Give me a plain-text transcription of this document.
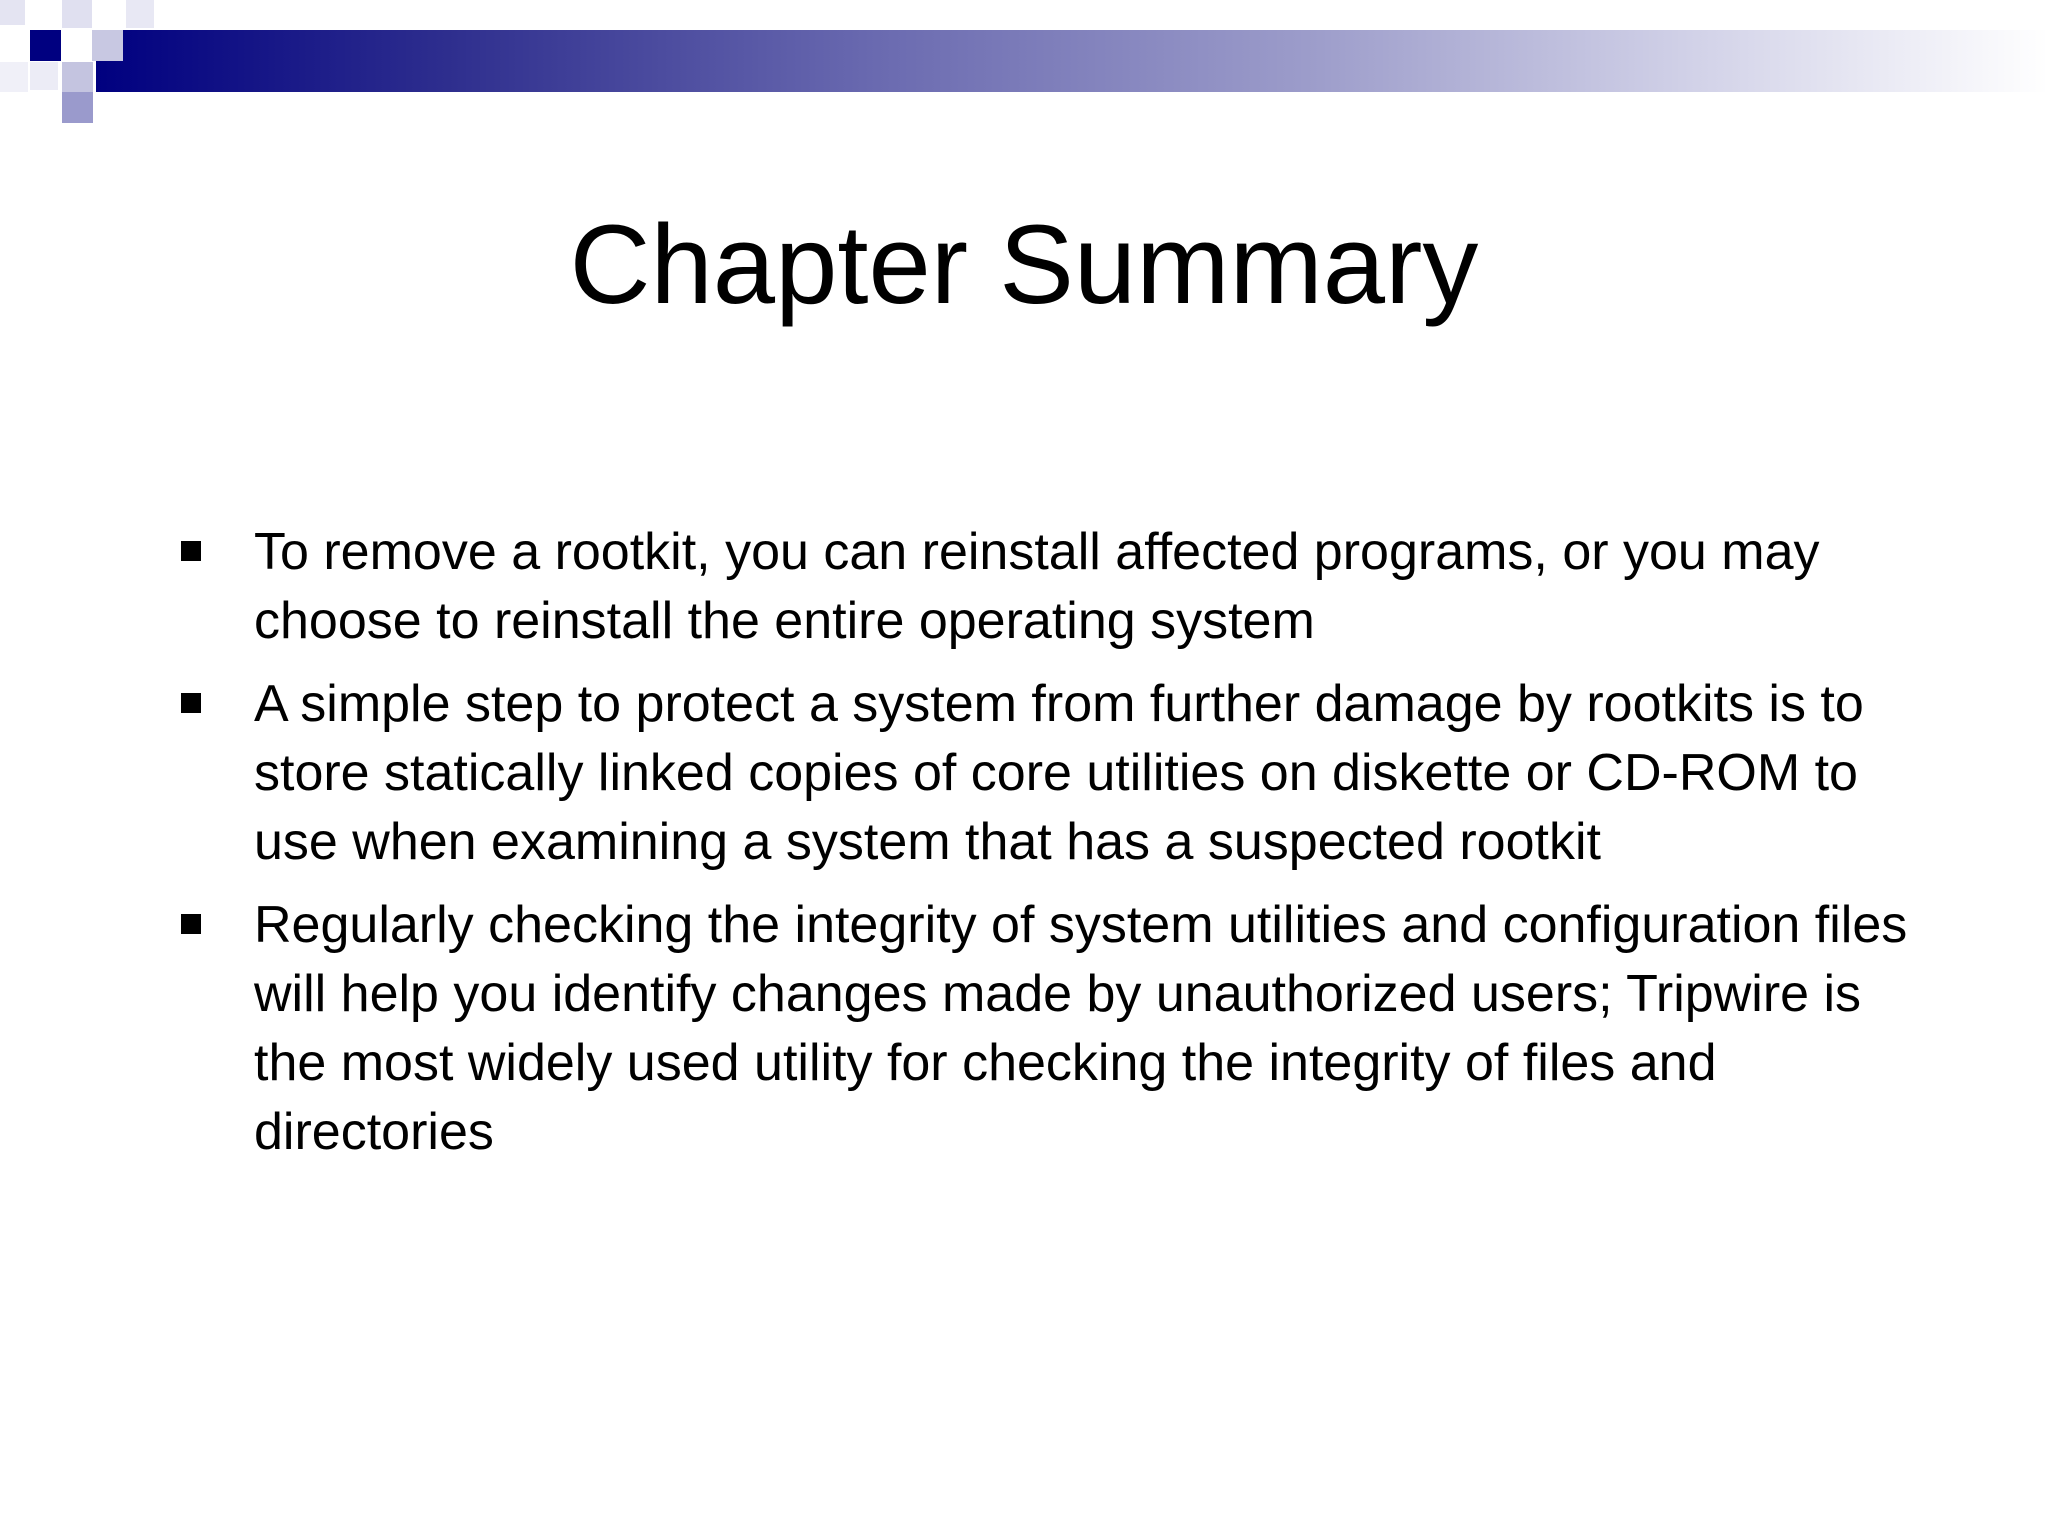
Chapter Summary
To remove a rootkit, you can reinstall affected programs, or you may choose to reinstall the entire operating system
A simple step to protect a system from further damage by rootkits is to store statically linked copies of core utilities on diskette or CD-ROM to use when examining a system that has a suspected rootkit
Regularly checking the integrity of system utilities and configuration files will help you identify changes made by unauthorized users; Tripwire is the most widely used utility for checking the integrity of files and directories
